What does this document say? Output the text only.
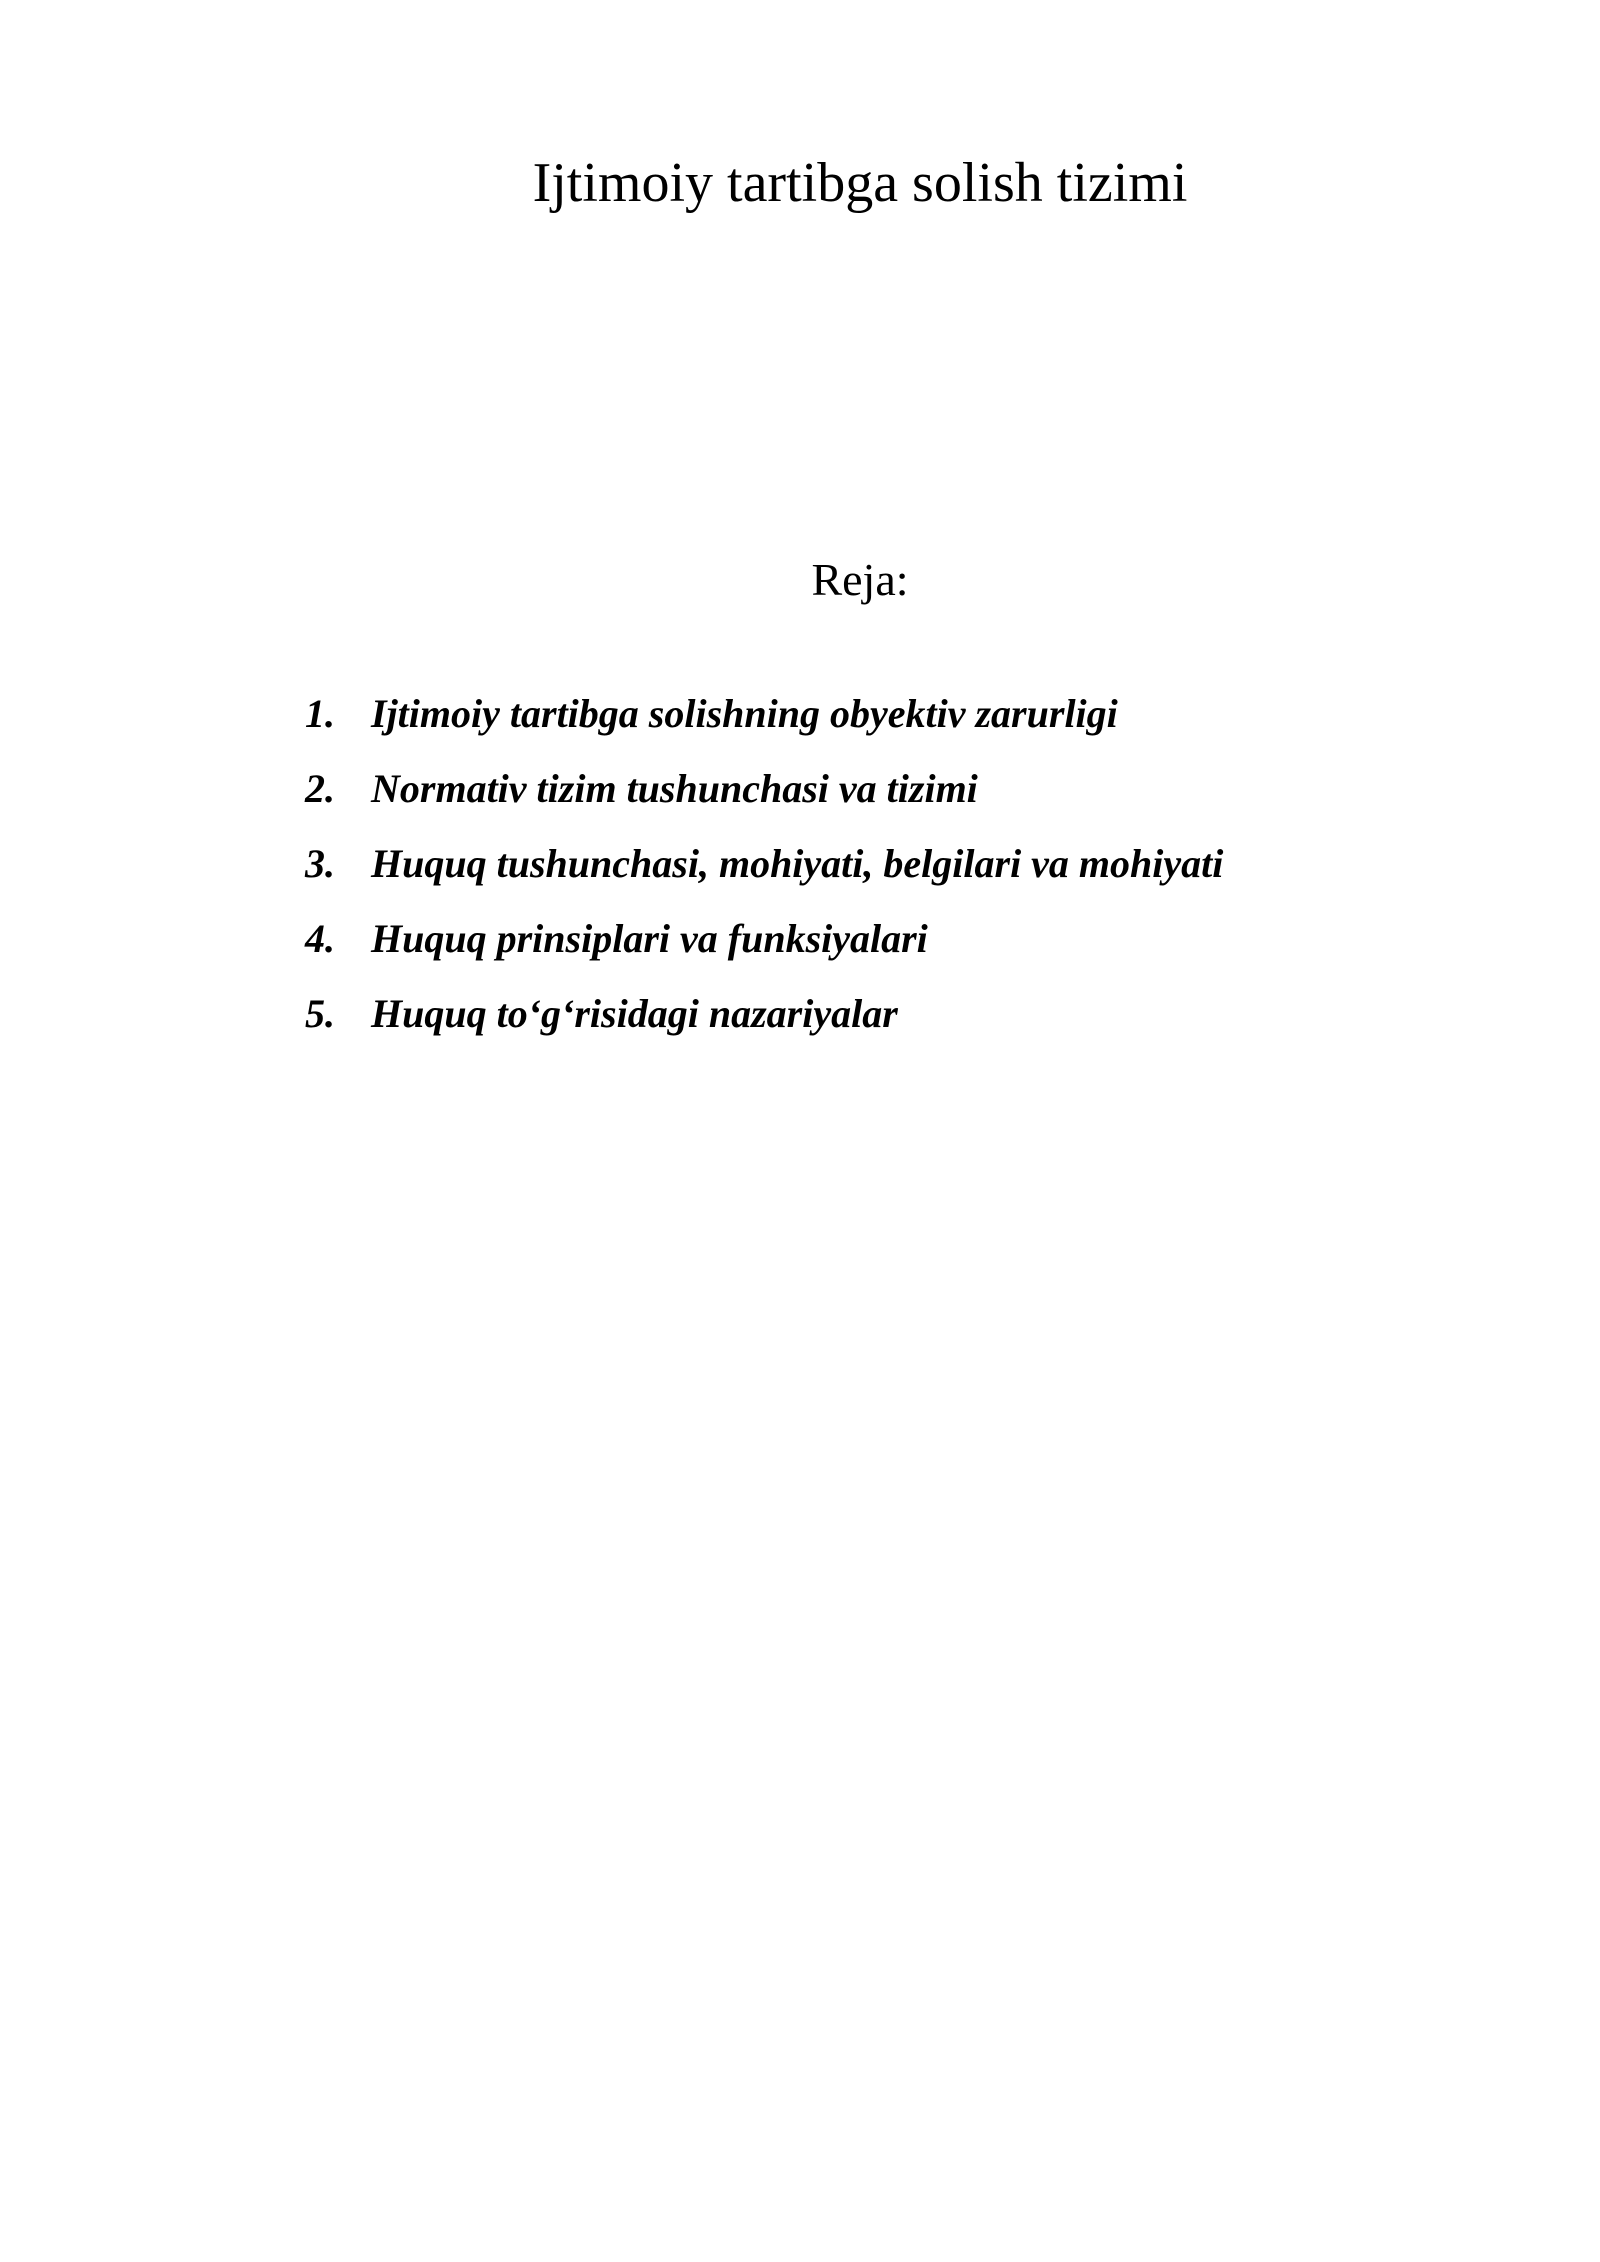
Ijtimoiy tartibga solish tizimi

Reja:

1. Ijtimoiy tartibga solishning obyektiv zarurligi
2. Normativ tizim tushunchasi va tizimi
3. Huquq tushunchasi, mohiyati, belgilari va mohiyati
4. Huquq prinsiplari va funksiyalari
5. Huquq to‘g‘risidagi nazariyalar
